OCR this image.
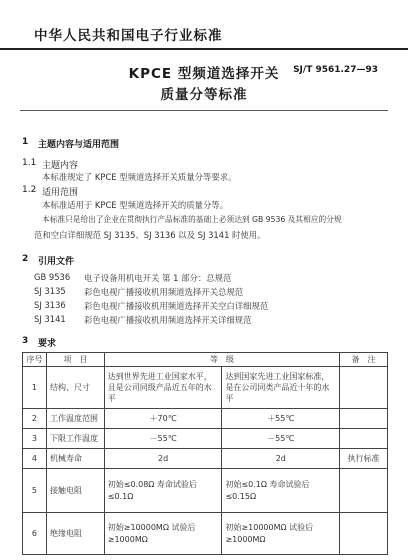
中华人民共和国电子行业标准
KPCE 型频道选择开关
质量分等标准
SJ/T 9561.27—93
1 主题内容与适用范围
1.1 主题内容
本标准规定了 KPCE 型频道选择开关质量分等要求。
1.2 适用范围
本标准适用于 KPCE 型频道选择开关的质量分等。
本标准只是给出了企业在贯彻执行产品标准的基础上必须达到 GB 9536 及其相应的分规
范和空白详细规范 SJ 3135、SJ 3136 以及 SJ 3141 时使用。
2 引用文件
GB 9536 电子设备用机电开关 第 1 部分：总规范
SJ 3135 彩色电视广播接收机用频道选择开关总规范
SJ 3136 彩色电视广播接收机用频道选择开关空白详细规范
SJ 3141 彩色电视广播接收机用频道选择开关详细规范
3 要求
序号	项　目	等　级		备　注
1	结构、尺寸	达到世界先进工业国家水平，且是公司同级产品近五年的水平	达到国家先进工业国家标准，是在公司同类产品近十年的水平	
2	工作温度范围	＋70℃	＋55℃	
3	下限工作温度	－55℃	－55℃	
4	机械寿命	2d	2d	执行标准
5	接触电阻	初始≤0.08Ω 寿命试验后≤0.1Ω	初始≤0.1Ω 寿命试验后≤0.15Ω	
6	绝缘电阻	初始≥10000MΩ 试验后≥1000MΩ	初始≥10000MΩ 试验后≥1000MΩ	
